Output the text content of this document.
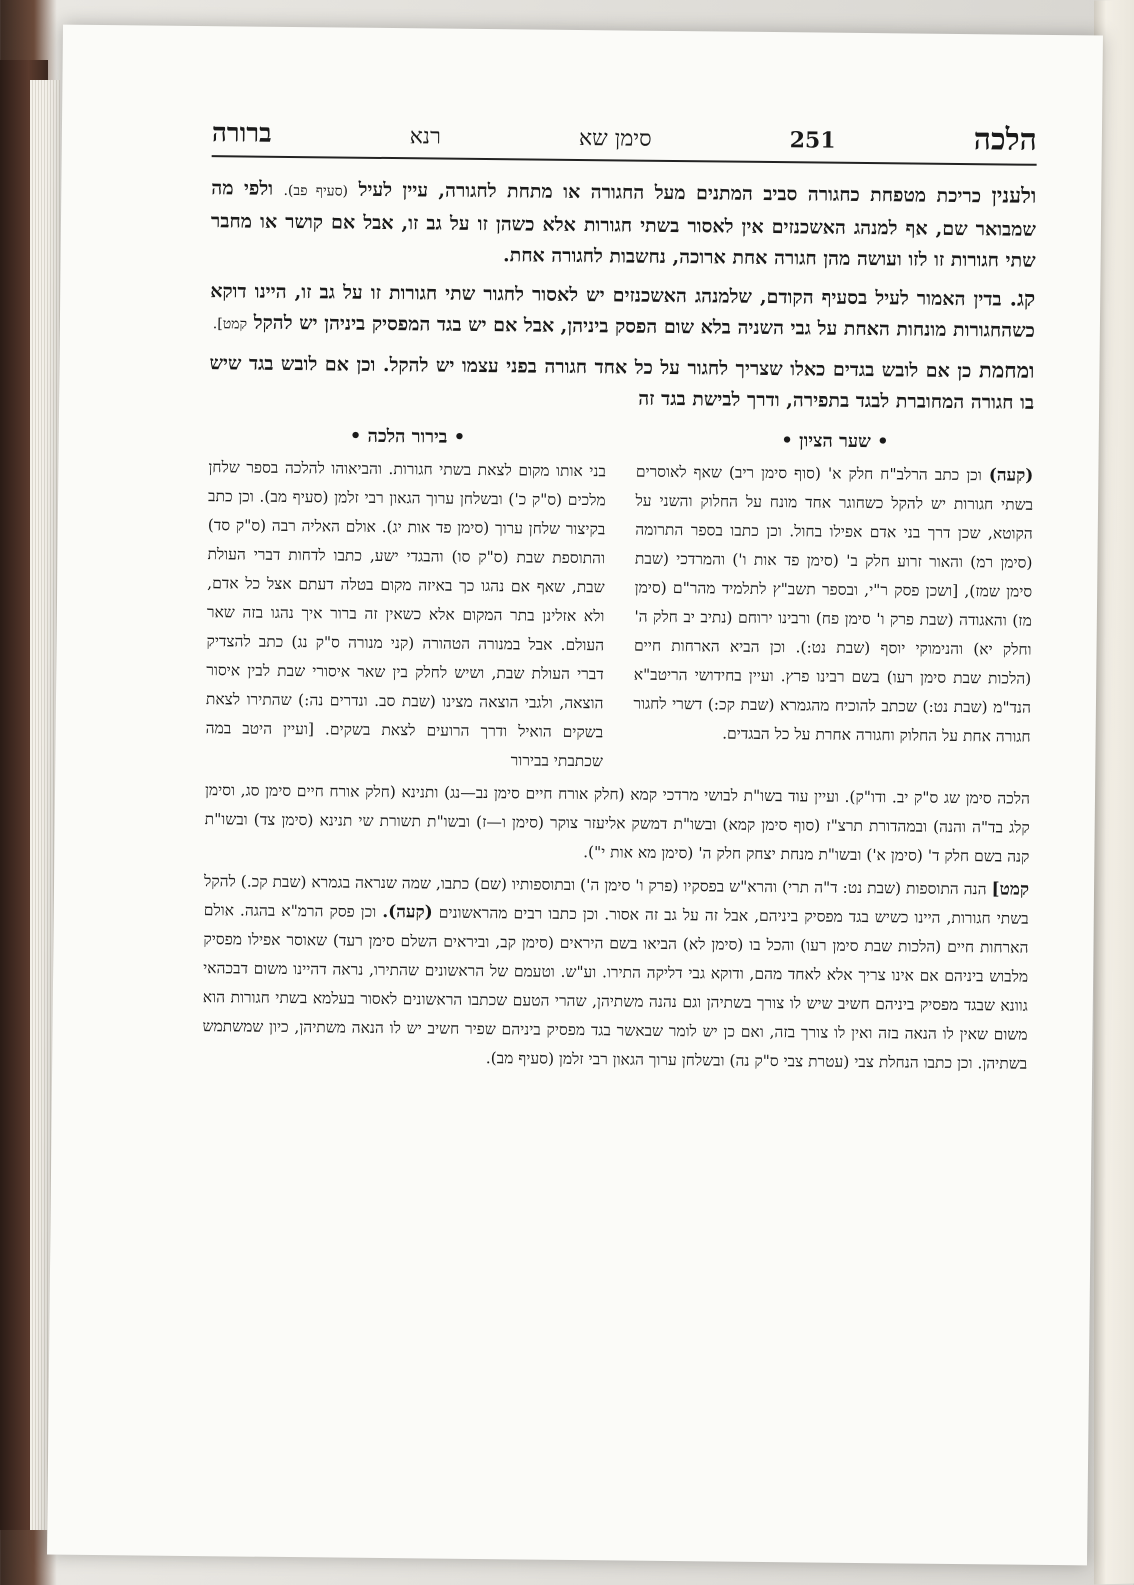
הלכה
251
סימן שא
רנא
ברורה

ולענין כריכת מטפחת כחגורה סביב המתנים מעל החגורה או מתחת לחגורה, עיין לעיל (סעיף פב). ולפי מה שמבואר שם, אף למנהג האשכנזים אין לאסור בשתי חגורות אלא כשהן זו על גב זו, אבל אם קושר או מחבר שתי חגורות זו לזו ועושה מהן חגורה אחת ארוכה, נחשבות לחגורה אחת.

קג. בדין האמור לעיל בסעיף הקודם, שלמנהג האשכנזים יש לאסור לחגור שתי חגורות זו על גב זו, היינו דוקא כשהחגורות מונחות האחת על גבי השניה בלא שום הפסק ביניהן, אבל אם יש בגד המפסיק ביניהן יש להקל קמט].

ומחמת כן אם לובש בגדים כאלו שצריך לחגור על כל אחד חגורה בפני עצמו יש להקל. וכן אם לובש בגד שיש בו חגורה המחוברת לבגד בתפירה, ודרך לבישת בגד זה

• שער הציון •

(קעה) וכן כתב הרלב"ח חלק א' (סוף סימן ריב) שאף לאוסרים בשתי חגורות יש להקל כשחוגר אחד מונח על החלוק והשני על הקוטא, שכן דרך בני אדם אפילו בחול. וכן כתבו בספר התרומה (סימן רמ) והאור זרוע חלק ב' (סימן פד אות ו') והמרדכי (שבת סימן שמז), [ושכן פסק ר"י, ובספר תשב"ץ לתלמיד מהר"ם (סימן מז) והאגודה (שבת פרק ו' סימן פח) ורבינו ירוחם (נתיב יב חלק ה' וחלק יא) והנימוקי יוסף (שבת נט:). וכן הביא הארחות חיים (הלכות שבת סימן רעו) בשם רבינו פרץ. ועיין בחידושי הריטב"א הנד"מ (שבת נט:) שכתב להוכיח מהגמרא (שבת קכ:) דשרי לחגור חגורה אחת על החלוק וחגורה אחרת על כל הבגדים.

• בירור הלכה •

בני אותו מקום לצאת בשתי חגורות. והביאוהו להלכה בספר שלחן מלכים (ס"ק כ') ובשלחן ערוך הגאון רבי זלמן (סעיף מב). וכן כתב בקיצור שלחן ערוך (סימן פד אות יג). אולם האליה רבה (ס"ק סד) והתוספת שבת (ס"ק סו) והבגדי ישע, כתבו לדחות דברי העולת שבת, שאף אם נהגו כך באיזה מקום בטלה דעתם אצל כל אדם, ולא אזלינן בתר המקום אלא כשאין זה ברור איך נהגו בזה שאר העולם. אבל במנורה הטהורה (קני מנורה ס"ק נג) כתב להצדיק דברי העולת שבת, ושיש לחלק בין שאר איסורי שבת לבין איסור הוצאה, ולגבי הוצאה מצינו (שבת סב. ונדרים נה:) שהתירו לצאת בשקים הואיל ודרך הרועים לצאת בשקים. [ועיין היטב במה שכתבתי בבירור

הלכה סימן שג ס"ק יב. ודו"ק). ועיין עוד בשו"ת לבושי מרדכי קמא (חלק אורח חיים סימן נב—נג) ותנינא (חלק אורח חיים סימן סג, וסימן קלג בד"ה והנה) ובמהדורת תרצ"ז (סוף סימן קמא) ובשו"ת דמשק אליעזר צוקר (סימן ו—ז) ובשו"ת תשורת שי תנינא (סימן צד) ובשו"ת קנה בשם חלק ד' (סימן א') ובשו"ת מנחת יצחק חלק ה' (סימן מא אות י").

קמט] הנה התוספות (שבת נט: ד"ה תרי) והרא"ש בפסקיו (פרק ו' סימן ה') ובתוספותיו (שם) כתבו, שמה שנראה בגמרא (שבת קכ.) להקל בשתי חגורות, היינו כשיש בגד מפסיק ביניהם, אבל זה על גב זה אסור. וכן כתבו רבים מהראשונים (קעה). וכן פסק הרמ"א בהגה. אולם הארחות חיים (הלכות שבת סימן רעו) והכל בו (סימן לא) הביאו בשם היראים (סימן קב, וביראים השלם סימן רעד) שאוסר אפילו מפסיק מלבוש ביניהם אם אינו צריך אלא לאחד מהם, ודוקא גבי דליקה התירו. וע"ש. וטעמם של הראשונים שהתירו, נראה דהיינו משום דבכהאי גוונא שבגד מפסיק ביניהם חשיב שיש לו צורך בשתיהן וגם נהנה משתיהן, שהרי הטעם שכתבו הראשונים לאסור בעלמא בשתי חגורות הוא משום שאין לו הנאה בזה ואין לו צורך בזה, ואם כן יש לומר שבאשר בגד מפסיק ביניהם שפיר חשיב יש לו הנאה משתיהן, כיון שמשתמש בשתיהן. וכן כתבו הנחלת צבי (עטרת צבי ס"ק נה) ובשלחן ערוך הגאון רבי זלמן (סעיף מב).
